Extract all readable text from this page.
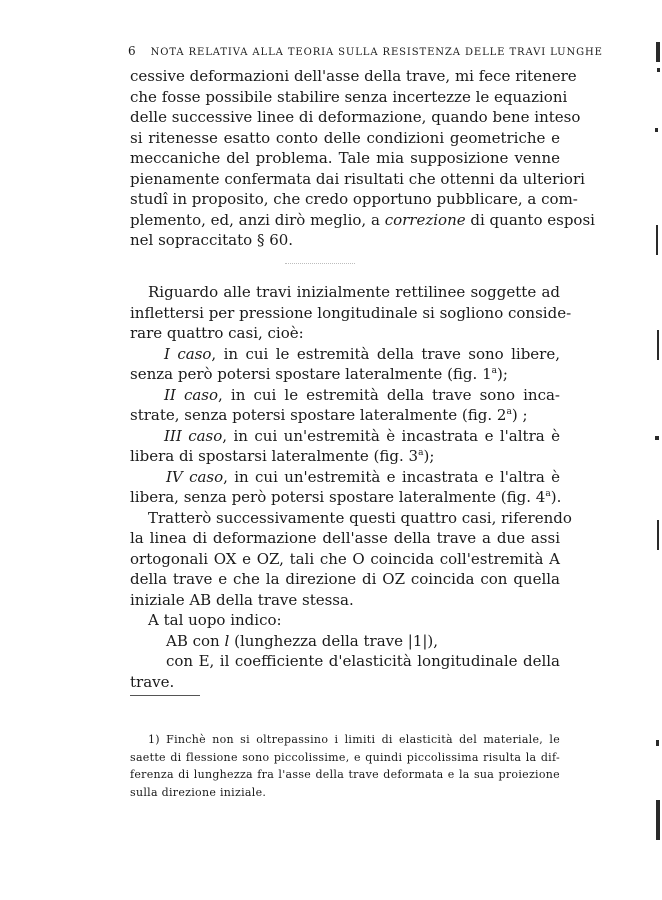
6 NOTA RELATIVA ALLA TEORIA SULLA RESISTENZA DELLE TRAVI LUNGHE
cessive deformazioni dell'asse della trave, mi fece ritenere
che fosse possibile stabilire senza incertezze le equazioni
delle successive linee di deformazione, quando bene inteso
si ritenesse esatto conto delle condizioni geometriche e
meccaniche del problema. Tale mia supposizione venne
pienamente confermata dai risultati che ottenni da ulteriori
studî in proposito, che credo opportuno pubblicare, a com-
plemento, ed, anzi dirò meglio, a correzione di quanto esposi
nel sopraccitato § 60.
Riguardo alle travi inizialmente rettilinee soggette ad
inflettersi per pressione longitudinale si sogliono conside-
rare quattro casi, cioè:
I caso, in cui le estremità della trave sono libere,
senza però potersi spostare lateralmente (fig. 1$^a$);
II caso, in cui le estremità della trave sono inca-
strate, senza potersi spostare lateralmente (fig. 2$^a$) ;
III caso, in cui un'estremità è incastrata e l'altra è
libera di spostarsi lateralmente (fig. 3$^a$);
IV caso, in cui un'estremità e incastrata e l'altra è
libera, senza però potersi spostare lateralmente (fig. 4$^a$).
Tratterò successivamente questi quattro casi, riferendo
la linea di deformazione dell'asse della trave a due assi
ortogonali OX e OZ, tali che O coincida coll'estremità A
della trave e che la direzione di OZ coincida con quella
iniziale AB della trave stessa.
A tal uopo indico:
AB con l (lunghezza della trave |1|),
con E, il coefficiente d'elasticità longitudinale della
trave.
1) Finchè non si oltrepassino i limiti di elasticità del materiale, le
saette di flessione sono piccolissime, e quindi piccolissima risulta la dif-
ferenza di lunghezza fra l'asse della trave deformata e la sua proiezione
sulla direzione iniziale.
